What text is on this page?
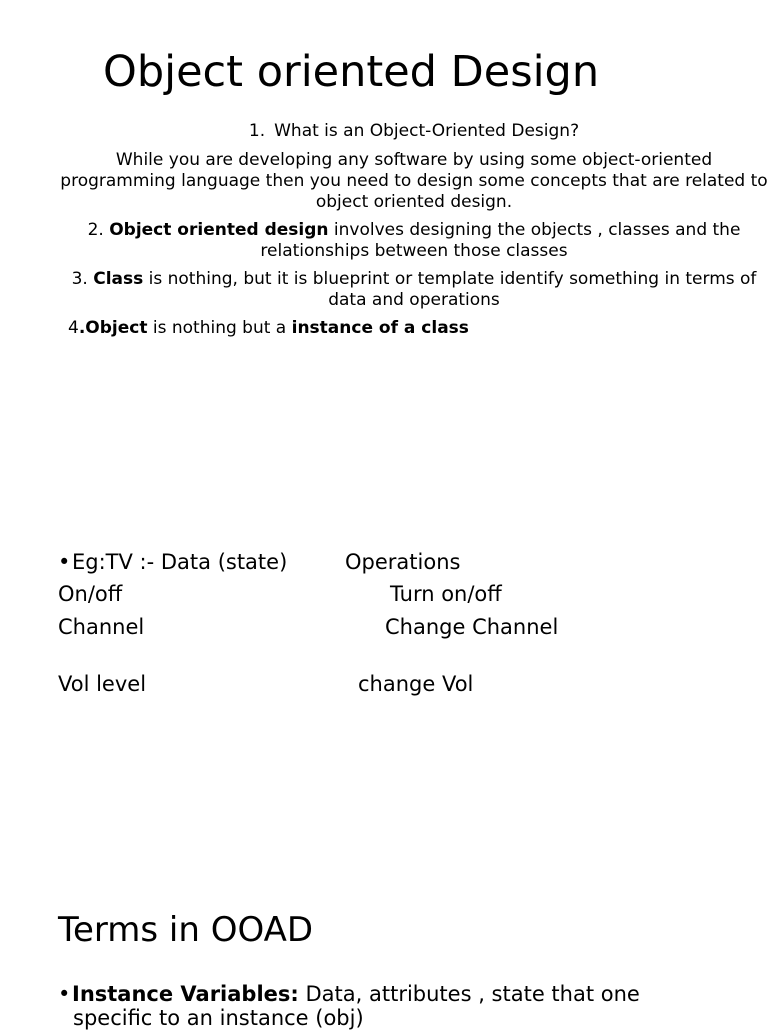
Object oriented Design

1. What is an Object-Oriented Design?

While you are developing any software by using some object-oriented programming language then you need to design some concepts that are related to object oriented design.

2. Object oriented design involves designing the objects , classes and the relationships between those classes

3. Class is nothing, but it is blueprint or template identify something in terms of data and operations

4.Object is nothing but a instance of a class

•Eg:TV :- Data (state)	Operations

On/off	Turn on/off

Channel	Change Channel

Vol level	change Vol

Terms in OOAD

•Instance Variables: Data, attributes , state that one
specific to an instance (obj)
